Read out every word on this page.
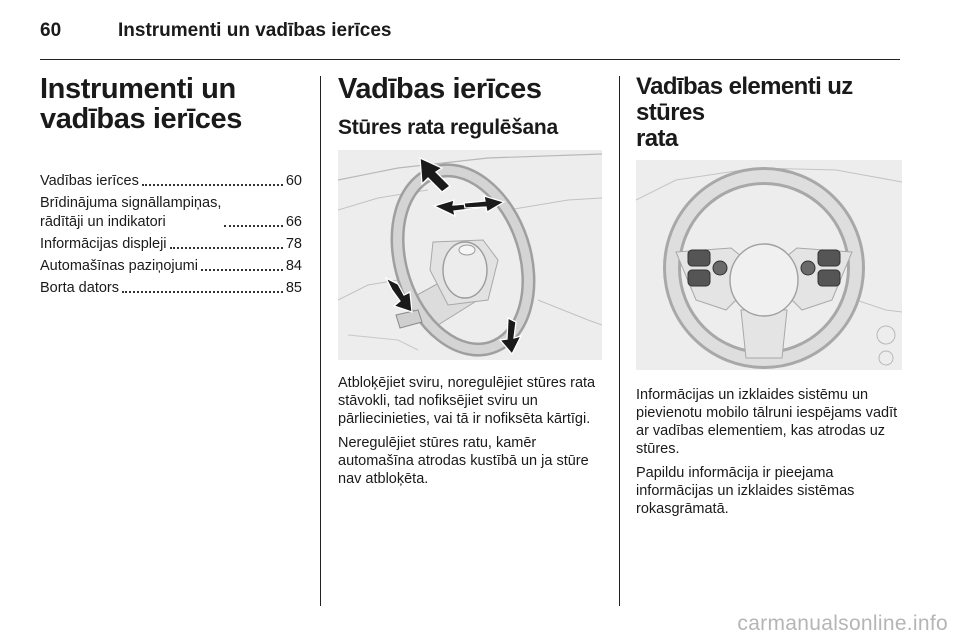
60	Instrumenti un vadības ierīces
Instrumenti un
vadības ierīces
Vadības ierīces	60
Brīdinājuma signāllampiņas,
rādītāji un indikatori	66
Informācijas displeji	78
Automašīnas paziņojumi	84
Borta dators	85
Vadības ierīces
Stūres rata regulēšana

Atbloķējiet sviru, noregulējiet stūres rata stāvokli, tad nofiksējiet sviru un pārliecinieties, vai tā ir nofiksēta kārtīgi.

Neregulējiet stūres ratu, kamēr automašīna atrodas kustībā un ja stūre nav atbloķēta.

Vadības elementi uz stūres
rata

Informācijas un izklaides sistēmu un pievienotu mobilo tālruni iespējams vadīt ar vadības elementiem, kas atrodas uz stūres.

Papildu informācija ir pieejama informācijas un izklaides sistēmas rokasgrāmatā.

carmanualsonline.info
